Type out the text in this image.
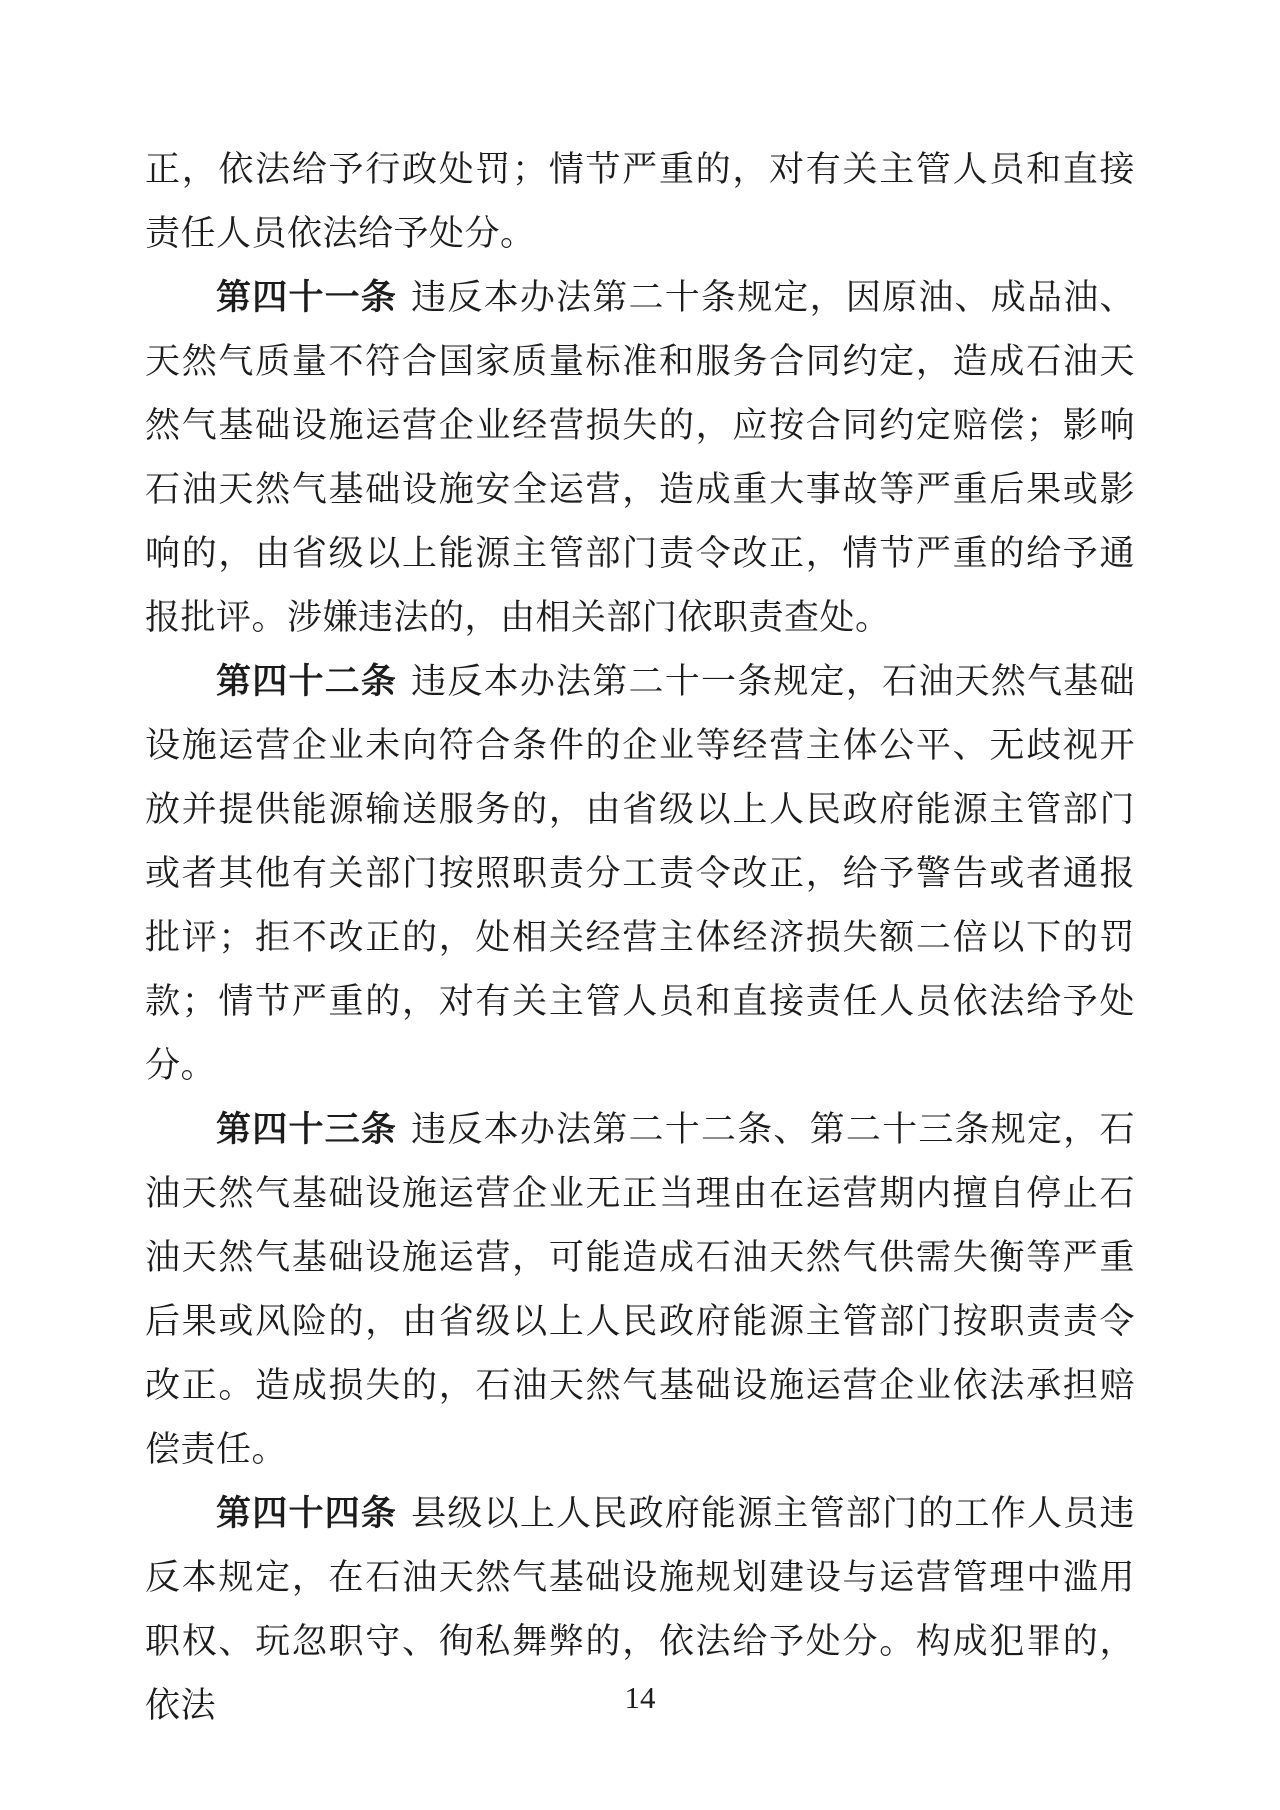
正，依法给予行政处罚；情节严重的，对有关主管人员和直接责任人员依法给予处分。

第四十一条 违反本办法第二十条规定，因原油、成品油、天然气质量不符合国家质量标准和服务合同约定，造成石油天然气基础设施运营企业经营损失的，应按合同约定赔偿；影响石油天然气基础设施安全运营，造成重大事故等严重后果或影响的，由省级以上能源主管部门责令改正，情节严重的给予通报批评。涉嫌违法的，由相关部门依职责查处。

第四十二条 违反本办法第二十一条规定，石油天然气基础设施运营企业未向符合条件的企业等经营主体公平、无歧视开放并提供能源输送服务的，由省级以上人民政府能源主管部门或者其他有关部门按照职责分工责令改正，给予警告或者通报批评；拒不改正的，处相关经营主体经济损失额二倍以下的罚款；情节严重的，对有关主管人员和直接责任人员依法给予处分。

第四十三条 违反本办法第二十二条、第二十三条规定，石油天然气基础设施运营企业无正当理由在运营期内擅自停止石油天然气基础设施运营，可能造成石油天然气供需失衡等严重后果或风险的，由省级以上人民政府能源主管部门按职责责令改正。造成损失的，石油天然气基础设施运营企业依法承担赔偿责任。

第四十四条 县级以上人民政府能源主管部门的工作人员违反本规定，在石油天然气基础设施规划建设与运营管理中滥用职权、玩忽职守、徇私舞弊的，依法给予处分。构成犯罪的，依法	14
